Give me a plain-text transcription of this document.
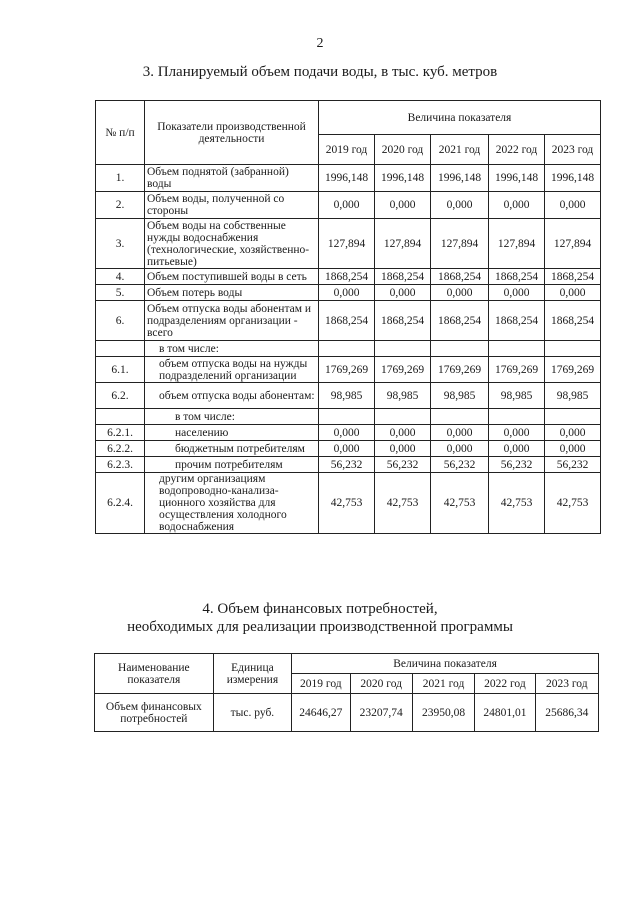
2
3. Планируемый объем подачи воды, в тыс. куб. метров
№ п/п	Показатели производственной деятельности	Величина показателя				
		2019 год	2020 год	2021 год	2022 год	2023 год
1.	Объем поднятой (забранной) воды	1996,148	1996,148	1996,148	1996,148	1996,148
2.	Объем воды, полученной со стороны	0,000	0,000	0,000	0,000	0,000
3.	Объем воды на собственные нужды водоснабжения (технологические, хозяйственно-питьевые)	127,894	127,894	127,894	127,894	127,894
4.	Объем поступившей воды в сеть	1868,254	1868,254	1868,254	1868,254	1868,254
5.	Объем потерь воды	0,000	0,000	0,000	0,000	0,000
6.	Объем отпуска воды абонентам и подразделениям организации - всего	1868,254	1868,254	1868,254	1868,254	1868,254
	в том числе:					
6.1.	объем отпуска воды на нужды подразделений организации	1769,269	1769,269	1769,269	1769,269	1769,269
6.2.	объем отпуска воды абонентам:	98,985	98,985	98,985	98,985	98,985
	в том числе:					
6.2.1.	населению	0,000	0,000	0,000	0,000	0,000
6.2.2.	бюджетным потребителям	0,000	0,000	0,000	0,000	0,000
6.2.3.	прочим потребителям	56,232	56,232	56,232	56,232	56,232
6.2.4.	другим организациям водопроводно-канализа-ционного хозяйства для осуществления холодного водоснабжения	42,753	42,753	42,753	42,753	42,753
4. Объем финансовых потребностей,
необходимых для реализации производственной программы
Наименование показателя	Единица измерения	Величина показателя				
		2019 год	2020 год	2021 год	2022 год	2023 год
Объем финансовых потребностей	тыс. руб.	24646,27	23207,74	23950,08	24801,01	25686,34
